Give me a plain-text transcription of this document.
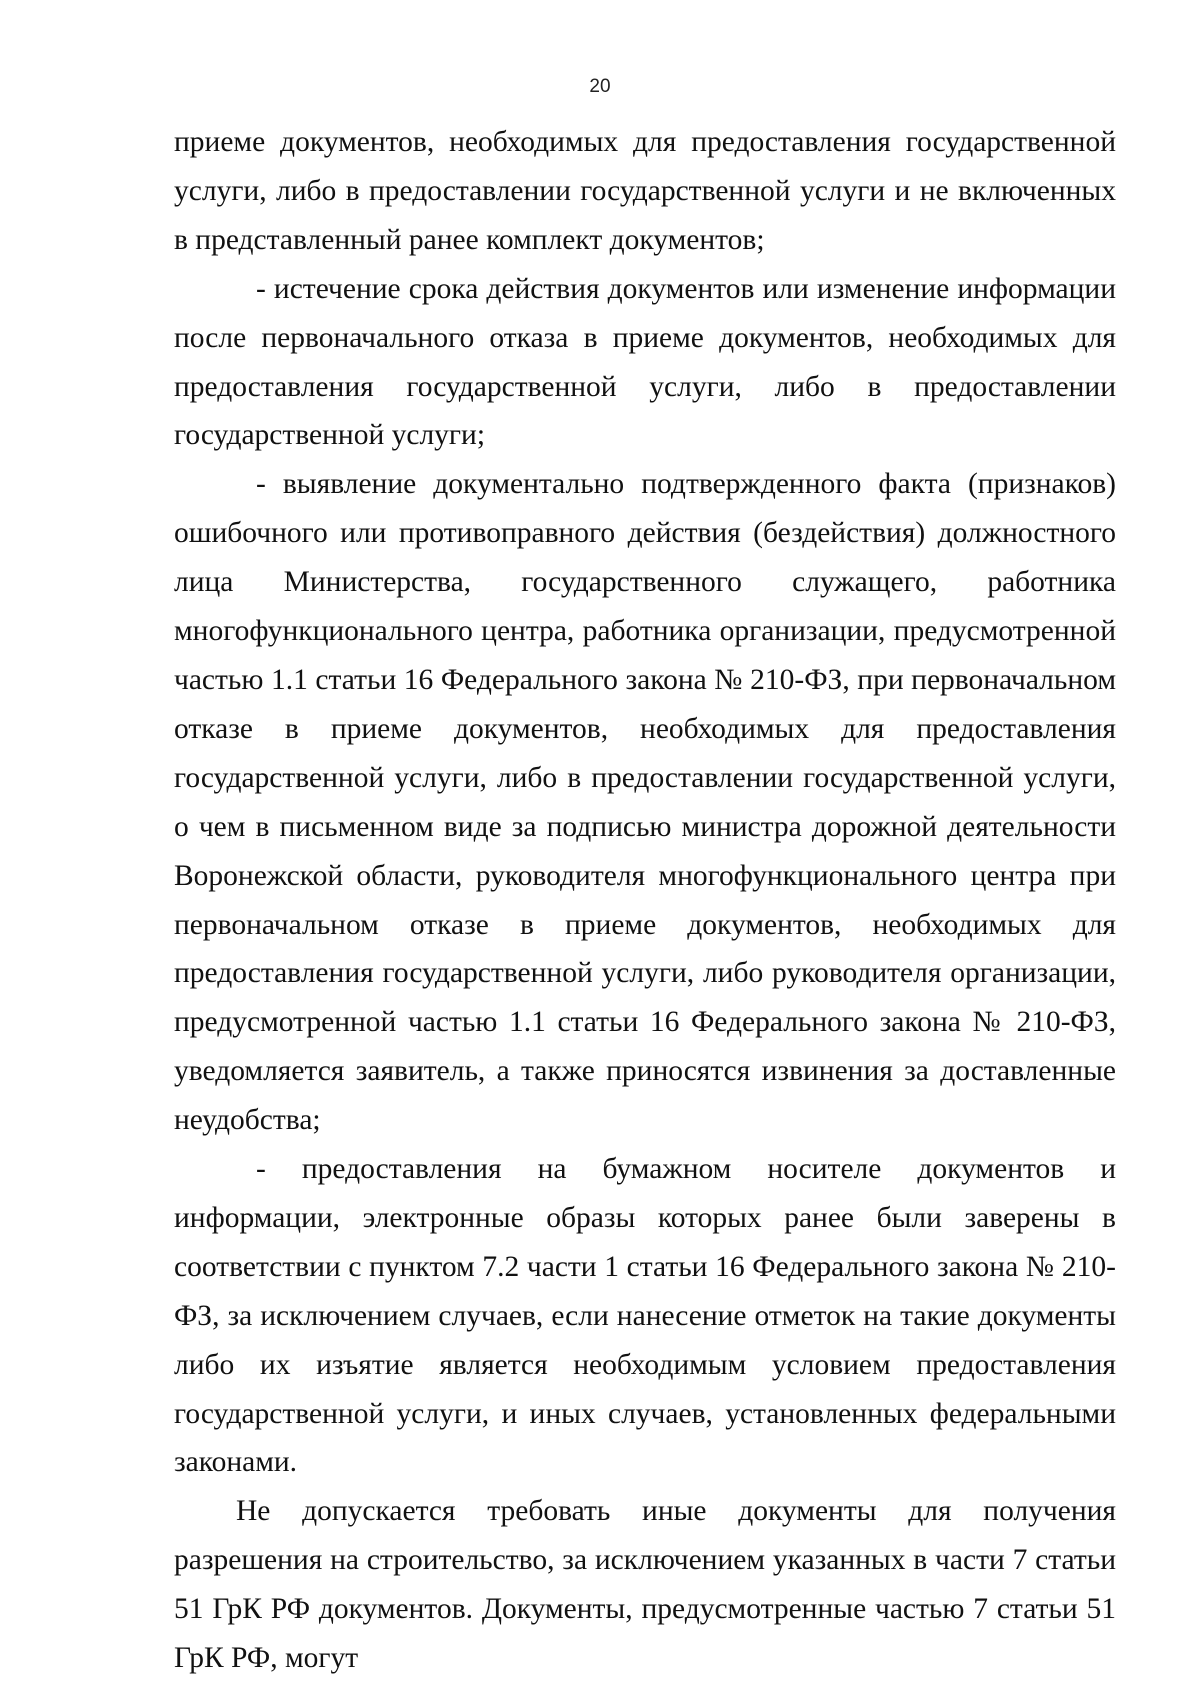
20

приеме документов, необходимых для предоставления государственной услуги, либо в предоставлении государственной услуги и не включенных в представленный ранее комплект документов;

- истечение срока действия документов или изменение информации после первоначального отказа в приеме документов, необходимых для предоставления государственной услуги, либо в предоставлении государственной услуги;

- выявление документально подтвержденного факта (признаков) ошибочного или противоправного действия (бездействия) должностного лица Министерства, государственного служащего, работника многофункционального центра, работника организации, предусмотренной частью 1.1 статьи 16 Федерального закона № 210-ФЗ, при первоначальном отказе в приеме документов, необходимых для предоставления государственной услуги, либо в предоставлении государственной услуги, о чем в письменном виде за подписью министра дорожной деятельности Воронежской области, руководителя многофункционального центра при первоначальном отказе в приеме документов, необходимых для предоставления государственной услуги, либо руководителя организации, предусмотренной частью 1.1 статьи 16 Федерального закона № 210-ФЗ, уведомляется заявитель, а также приносятся извинения за доставленные неудобства;

- предоставления на бумажном носителе документов и информации, электронные образы которых ранее были заверены в соответствии с пунктом 7.2 части 1 статьи 16 Федерального закона № 210-ФЗ, за исключением случаев, если нанесение отметок на такие документы либо их изъятие является необходимым условием предоставления государственной услуги, и иных случаев, установленных федеральными законами.

Не допускается требовать иные документы для получения разрешения на строительство, за исключением указанных в части 7 статьи 51 ГрК РФ документов. Документы, предусмотренные частью 7 статьи 51 ГрК РФ, могут
